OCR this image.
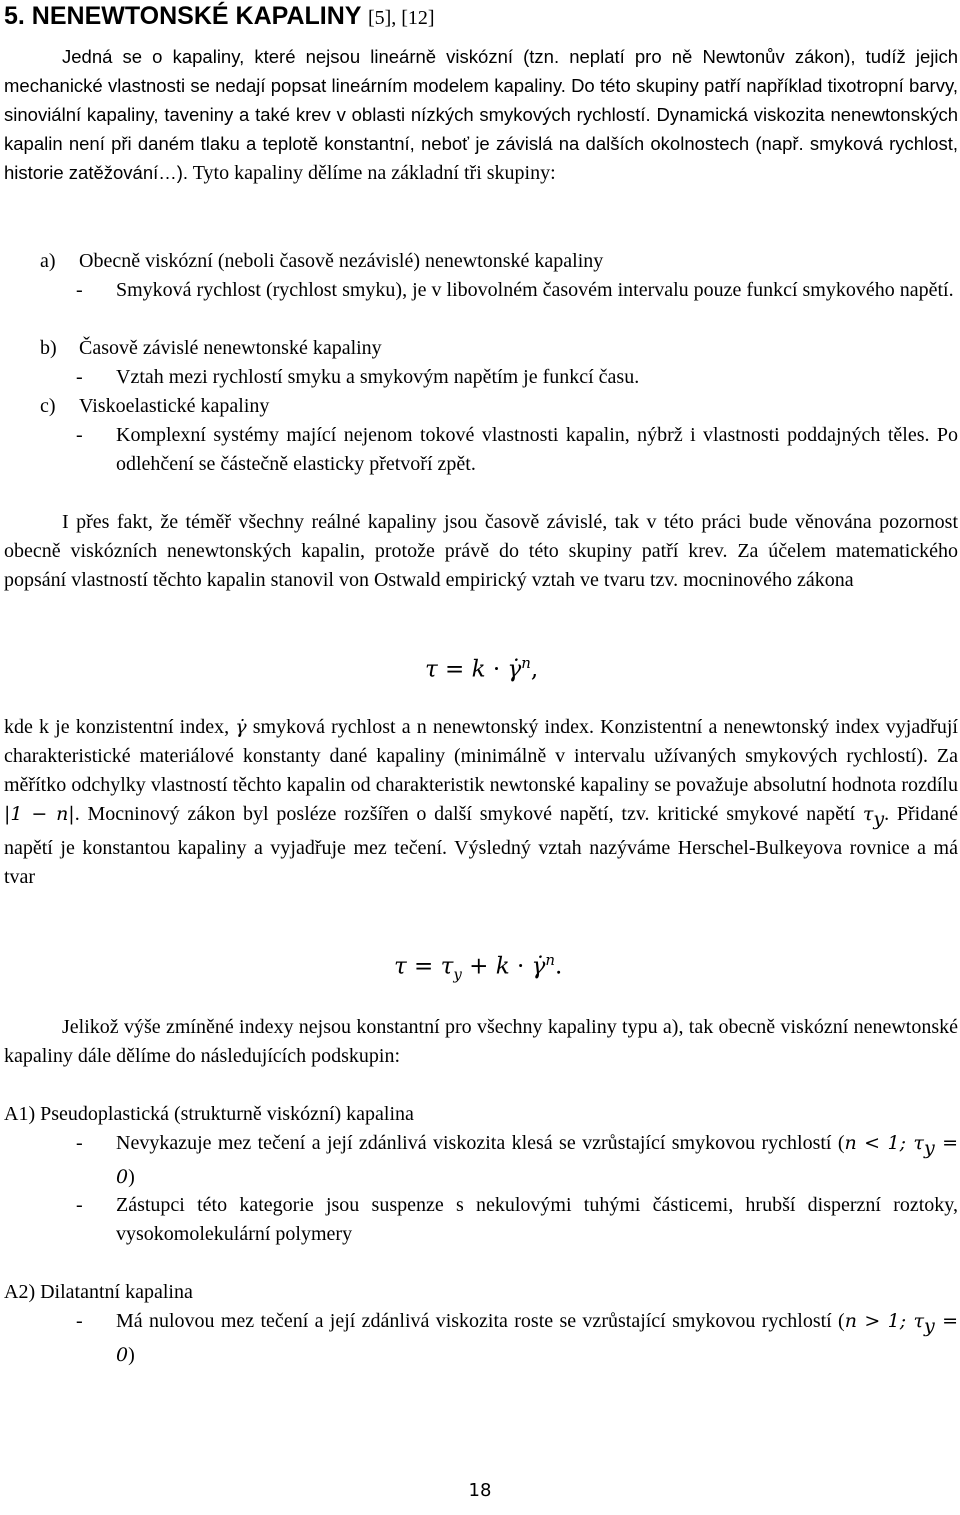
5. NENEWTONSKÉ KAPALINY [5], [12]

Jedná se o kapaliny, které nejsou lineárně viskózní (tzn. neplatí pro ně Newtonův zákon), tudíž jejich mechanické vlastnosti se nedají popsat lineárním modelem kapaliny. Do této skupiny patří například tixotropní barvy, sinoviální kapaliny, taveniny a také krev v oblasti nízkých smykových rychlostí. Dynamická viskozita nenewtonských kapalin není při daném tlaku a teplotě konstantní, neboť je závislá na dalších okolnostech (např. smyková rychlost, historie zatěžování…). Tyto kapaliny dělíme na základní tři skupiny:

a) Obecně viskózní (neboli časově nezávislé) nenewtonské kapaliny

- Smyková rychlost (rychlost smyku), je v libovolném časovém intervalu pouze funkcí smykového napětí.

b) Časově závislé nenewtonské kapaliny

- Vztah mezi rychlostí smyku a smykovým napětím je funkcí času.

c) Viskoelastické kapaliny

- Komplexní systémy mající nejenom tokové vlastnosti kapalin, nýbrž i vlastnosti poddajných těles. Po odlehčení se částečně elasticky přetvoří zpět.

I přes fakt, že téměř všechny reálné kapaliny jsou časově závislé, tak v této práci bude věnována pozornost obecně viskózních nenewtonských kapalin, protože právě do této skupiny patří krev. Za účelem matematického popsání vlastností těchto kapalin stanovil von Ostwald empirický vztah ve tvaru tzv. mocninového zákona

τ = k · γ̇$^n$,

kde k je konzistentní index, γ̇ smyková rychlost a n nenewtonský index. Konzistentní a nenewtonský index vyjadřují charakteristické materiálové konstanty dané kapaliny (minimálně v intervalu užívaných smykových rychlostí). Za měřítko odchylky vlastností těchto kapalin od charakteristik newtonské kapaliny se považuje absolutní hodnota rozdílu |1 − n|. Mocninový zákon byl posléze rozšířen o další smykové napětí, tzv. kritické smykové napětí $\tau_y$. Přidané napětí je konstantou kapaliny a vyjadřuje mez tečení. Výsledný vztah nazýváme Herschel-Bulkeyova rovnice a má tvar

$\tau = \tau_y + k$ · γ̇$^n$.

Jelikož výše zmíněné indexy nejsou konstantní pro všechny kapaliny typu a), tak obecně viskózní nenewtonské kapaliny dále dělíme do následujících podskupin:

A1) Pseudoplastická (strukturně viskózní) kapalina

- Nevykazuje mez tečení a její zdánlivá viskozita klesá se vzrůstající smykovou rychlostí (n < 1; $\tau_y = 0$)
- Zástupci této kategorie jsou suspenze s nekulovými tuhými částicemi, hrubší disperzní roztoky, vysokomolekulární polymery

A2) Dilatantní kapalina

- Má nulovou mez tečení a její zdánlivá viskozita roste se vzrůstající smykovou rychlostí (n > 1; $\tau_y = 0$)
18
